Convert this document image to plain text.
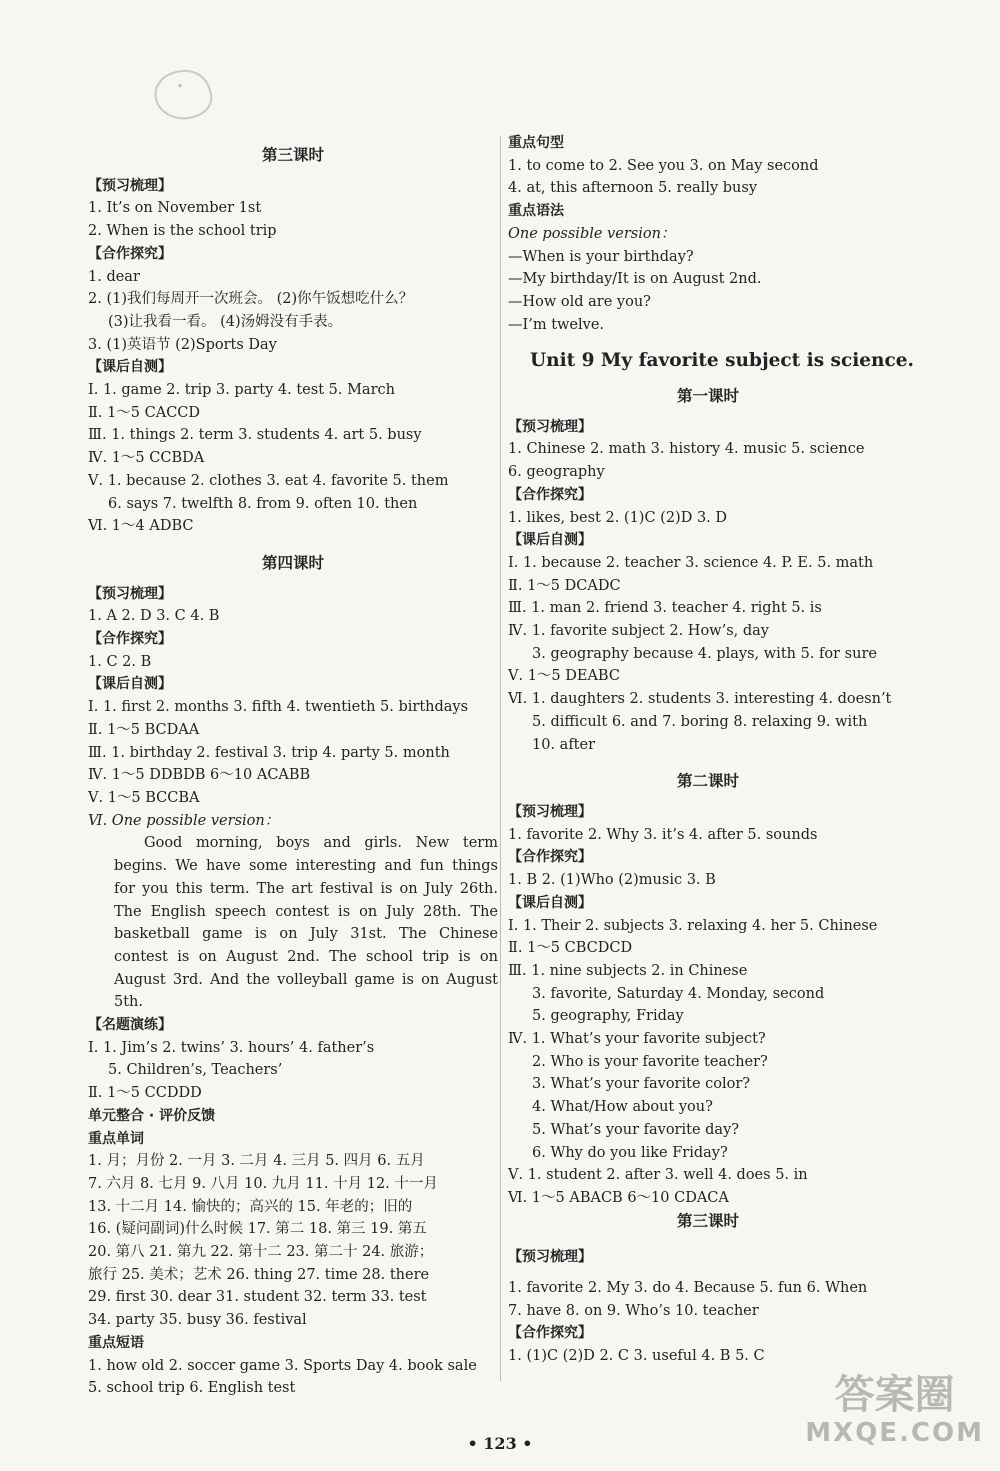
✦
第三课时
【预习梳理】
1. It’s on November 1st
2. When is the school trip
【合作探究】
1. dear
2. (1)我们每周开一次班会。 (2)你午饭想吃什么？
(3)让我看一看。 (4)汤姆没有手表。
3. (1)英语节 (2)Sports Day
【课后自测】
Ⅰ. 1. game 2. trip 3. party 4. test 5. March
Ⅱ. 1～5 CACCD
Ⅲ. 1. things 2. term 3. students 4. art 5. busy
Ⅳ. 1～5 CCBDA
Ⅴ. 1. because 2. clothes 3. eat 4. favorite 5. them
6. says 7. twelfth 8. from 9. often 10. then
Ⅵ. 1～4 ADBC
第四课时
【预习梳理】
1. A 2. D 3. C 4. B
【合作探究】
1. C 2. B
【课后自测】
Ⅰ. 1. first 2. months 3. fifth 4. twentieth 5. birthdays
Ⅱ. 1～5 BCDAA
Ⅲ. 1. birthday 2. festival 3. trip 4. party 5. month
Ⅳ. 1～5 DDBDB 6～10 ACABB
Ⅴ. 1～5 BCCBA
Ⅵ. One possible version：
Good morning, boys and girls. New term begins. We have some interesting and fun things for you this term. The art festival is on July 26th. The English speech contest is on July 28th. The basketball game is on July 31st. The Chinese contest is on August 2nd. The school trip is on August 3rd. And the volleyball game is on August 5th.
【名题演练】
Ⅰ. 1. Jim’s 2. twins’ 3. hours’ 4. father’s
5. Children’s, Teachers’
Ⅱ. 1～5 CCDDD
单元整合 · 评价反馈
重点单词
1. 月；月份 2. 一月 3. 二月 4. 三月 5. 四月 6. 五月
7. 六月 8. 七月 9. 八月 10. 九月 11. 十月 12. 十一月
13. 十二月 14. 愉快的；高兴的 15. 年老的；旧的
16. (疑问副词)什么时候 17. 第二 18. 第三 19. 第五
20. 第八 21. 第九 22. 第十二 23. 第二十 24. 旅游；
旅行 25. 美术；艺术 26. thing 27. time 28. there
29. first 30. dear 31. student 32. term 33. test
34. party 35. busy 36. festival
重点短语
1. how old 2. soccer game 3. Sports Day 4. book sale
5. school trip 6. English test
重点句型
1. to come to 2. See you 3. on May second
4. at, this afternoon 5. really busy
重点语法
One possible version：
—When is your birthday?
—My birthday/It is on August 2nd.
—How old are you?
—I’m twelve.
Unit 9 My favorite subject is science.
第一课时
【预习梳理】
1. Chinese 2. math 3. history 4. music 5. science
6. geography
【合作探究】
1. likes, best 2. (1)C (2)D 3. D
【课后自测】
Ⅰ. 1. because 2. teacher 3. science 4. P. E. 5. math
Ⅱ. 1～5 DCADC
Ⅲ. 1. man 2. friend 3. teacher 4. right 5. is
Ⅳ. 1. favorite subject 2. How’s, day
3. geography because 4. plays, with 5. for sure
Ⅴ. 1～5 DEABC
Ⅵ. 1. daughters 2. students 3. interesting 4. doesn’t
5. difficult 6. and 7. boring 8. relaxing 9. with
10. after
第二课时
【预习梳理】
1. favorite 2. Why 3. it’s 4. after 5. sounds
【合作探究】
1. B 2. (1)Who (2)music 3. B
【课后自测】
Ⅰ. 1. Their 2. subjects 3. relaxing 4. her 5. Chinese
Ⅱ. 1～5 CBCDCD
Ⅲ. 1. nine subjects 2. in Chinese
3. favorite, Saturday 4. Monday, second
5. geography, Friday
Ⅳ. 1. What’s your favorite subject?
2. Who is your favorite teacher?
3. What’s your favorite color?
4. What/How about you?
5. What’s your favorite day?
6. Why do you like Friday?
Ⅴ. 1. student 2. after 3. well 4. does 5. in
Ⅵ. 1～5 ABACB 6～10 CDACA
第三课时
【预习梳理】
1. favorite 2. My 3. do 4. Because 5. fun 6. When
7. have 8. on 9. Who’s 10. teacher
【合作探究】
1. (1)C (2)D 2. C 3. useful 4. B 5. C
• 123 •
答案圈
MXQE.COM
